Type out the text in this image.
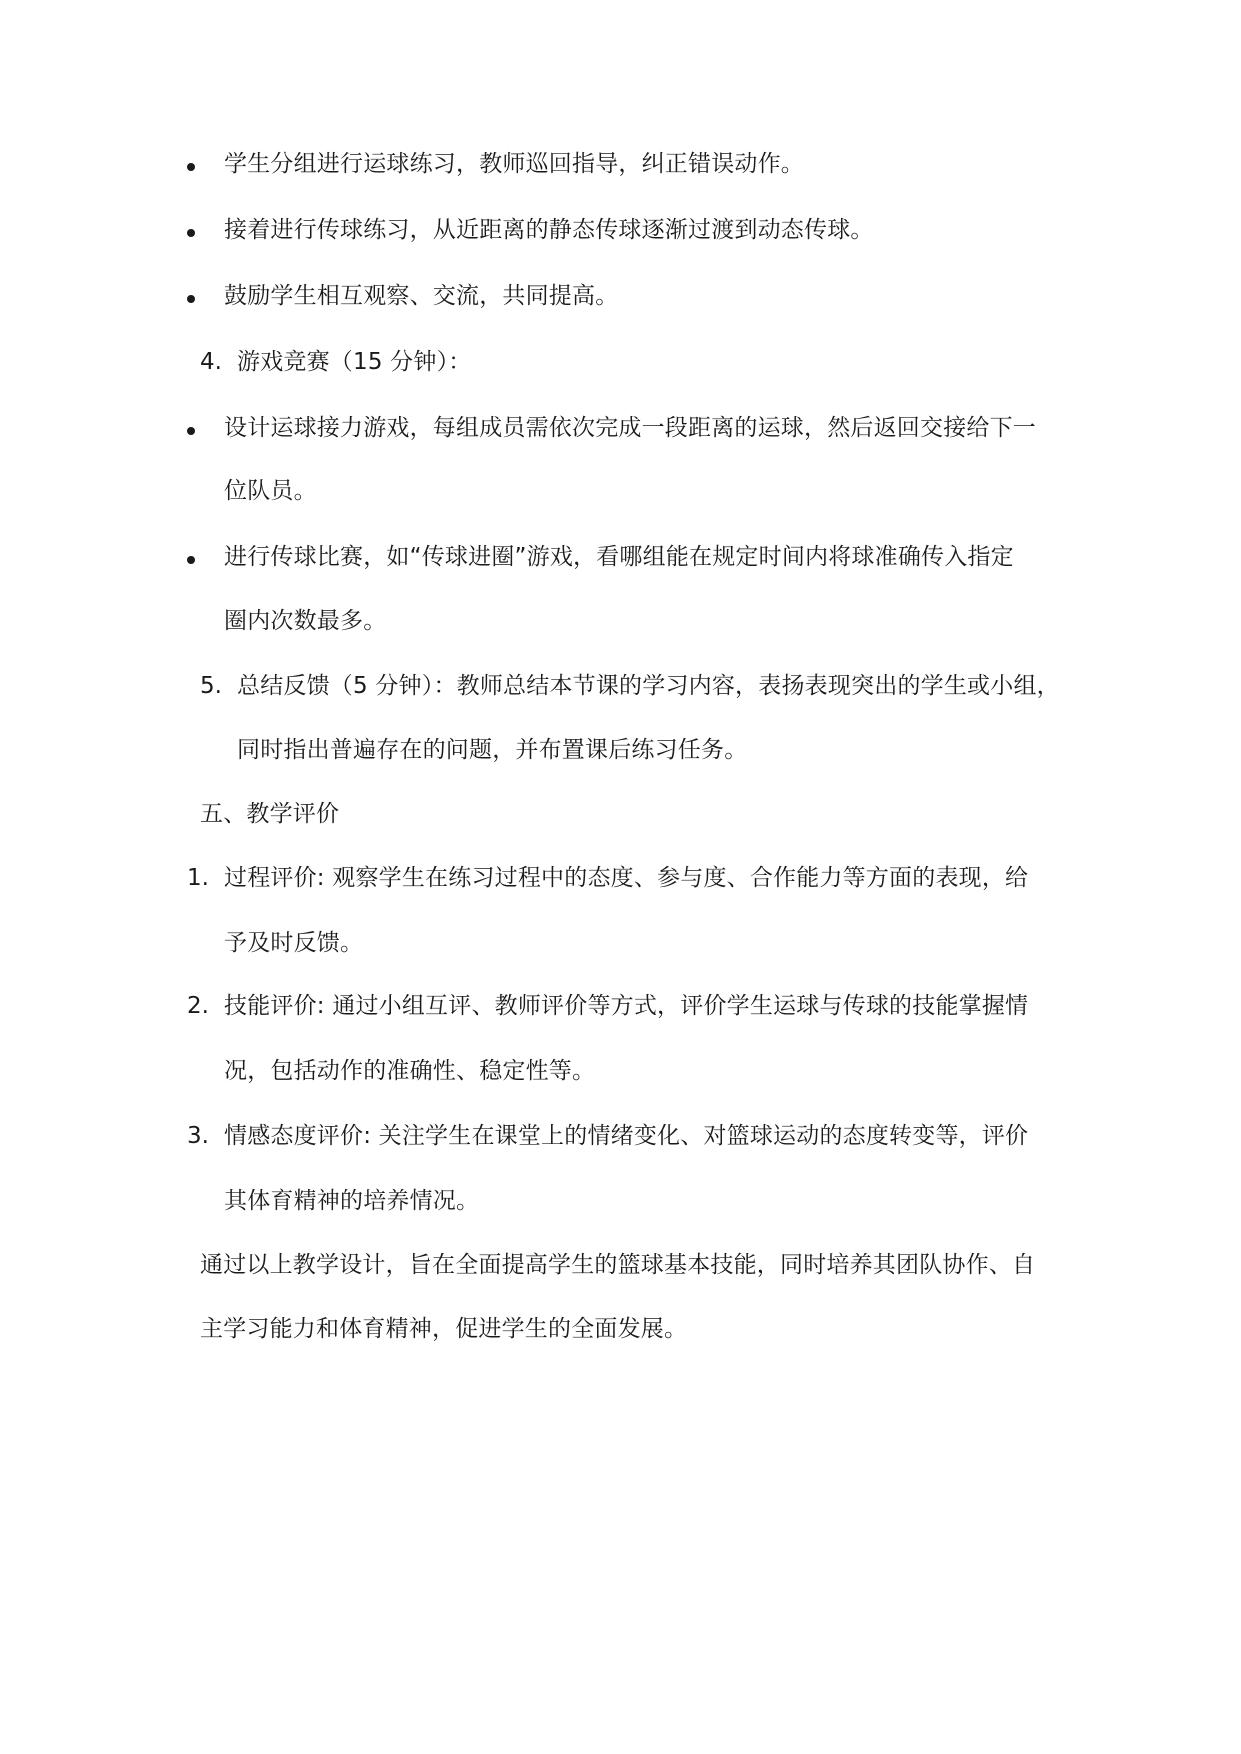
学生分组进行运球练习，教师巡回指导，纠正错误动作。
接着进行传球练习，从近距离的静态传球逐渐过渡到动态传球。
鼓励学生相互观察、交流，共同提高。
4. 游戏竞赛（15 分钟）：
设计运球接力游戏，每组成员需依次完成一段距离的运球，然后返回交接给下一
位队员。
进行传球比赛，如“传球进圈”游戏，看哪组能在规定时间内将球准确传入指定
圈内次数最多。
5. 总结反馈（5 分钟）：教师总结本节课的学习内容，表扬表现突出的学生或小组，
同时指出普遍存在的问题，并布置课后练习任务。
五、教学评价
1. 过程评价: 观察学生在练习过程中的态度、参与度、合作能力等方面的表现，给
予及时反馈。
2. 技能评价: 通过小组互评、教师评价等方式，评价学生运球与传球的技能掌握情
况，包括动作的准确性、稳定性等。
3. 情感态度评价: 关注学生在课堂上的情绪变化、对篮球运动的态度转变等，评价
其体育精神的培养情况。
通过以上教学设计，旨在全面提高学生的篮球基本技能，同时培养其团队协作、自
主学习能力和体育精神，促进学生的全面发展。
